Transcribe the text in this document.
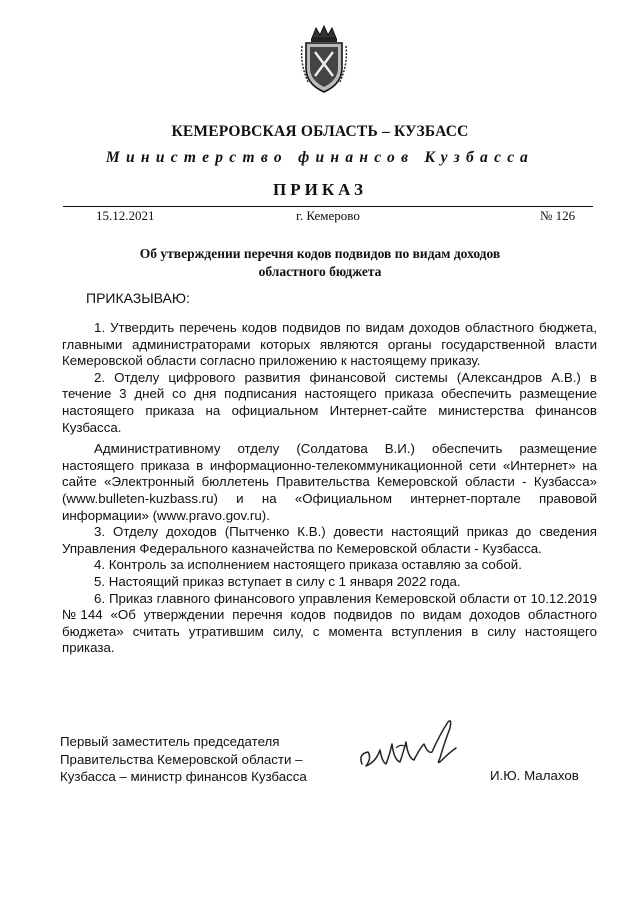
КЕМЕРОВСКАЯ ОБЛАСТЬ – КУЗБАСС
Министерство финансов Кузбасса
ПРИКАЗ
15.12.2021	г. Кемерово	№ 126
Об утверждении перечня кодов подвидов по видам доходов
областного бюджета
ПРИКАЗЫВАЮ:

1. Утвердить перечень кодов подвидов по видам доходов областного бюджета, главными администраторами которых являются органы государственной власти Кемеровской области согласно приложению к настоящему приказу.

2. Отделу цифрового развития финансовой системы (Александров А.В.) в течение 3 дней со дня подписания настоящего приказа обеспечить размещение настоящего приказа на официальном Интернет-сайте министерства финансов Кузбасса.

Административному отделу (Солдатова В.И.) обеспечить размещение настоящего приказа в информационно-телекоммуникационной сети «Интернет» на сайте «Электронный бюллетень Правительства Кемеровской области - Кузбасса» (www.bulleten-kuzbass.ru) и на «Официальном интернет-портале правовой информации» (www.pravo.gov.ru).

3. Отделу доходов (Пытченко К.В.) довести настоящий приказ до сведения Управления Федерального казначейства по Кемеровской области - Кузбасса.

4. Контроль за исполнением настоящего приказа оставляю за собой.

5. Настоящий приказ вступает в силу с 1 января 2022 года.

6. Приказ главного финансового управления Кемеровской области от 10.12.2019 №144 «Об утверждении перечня кодов подвидов по видам доходов областного бюджета» считать утратившим силу, с момента вступления в силу настоящего приказа.

Первый заместитель председателя
Правительства Кемеровской области –
Кузбасса – министр финансов Кузбасса	И.Ю. Малахов
